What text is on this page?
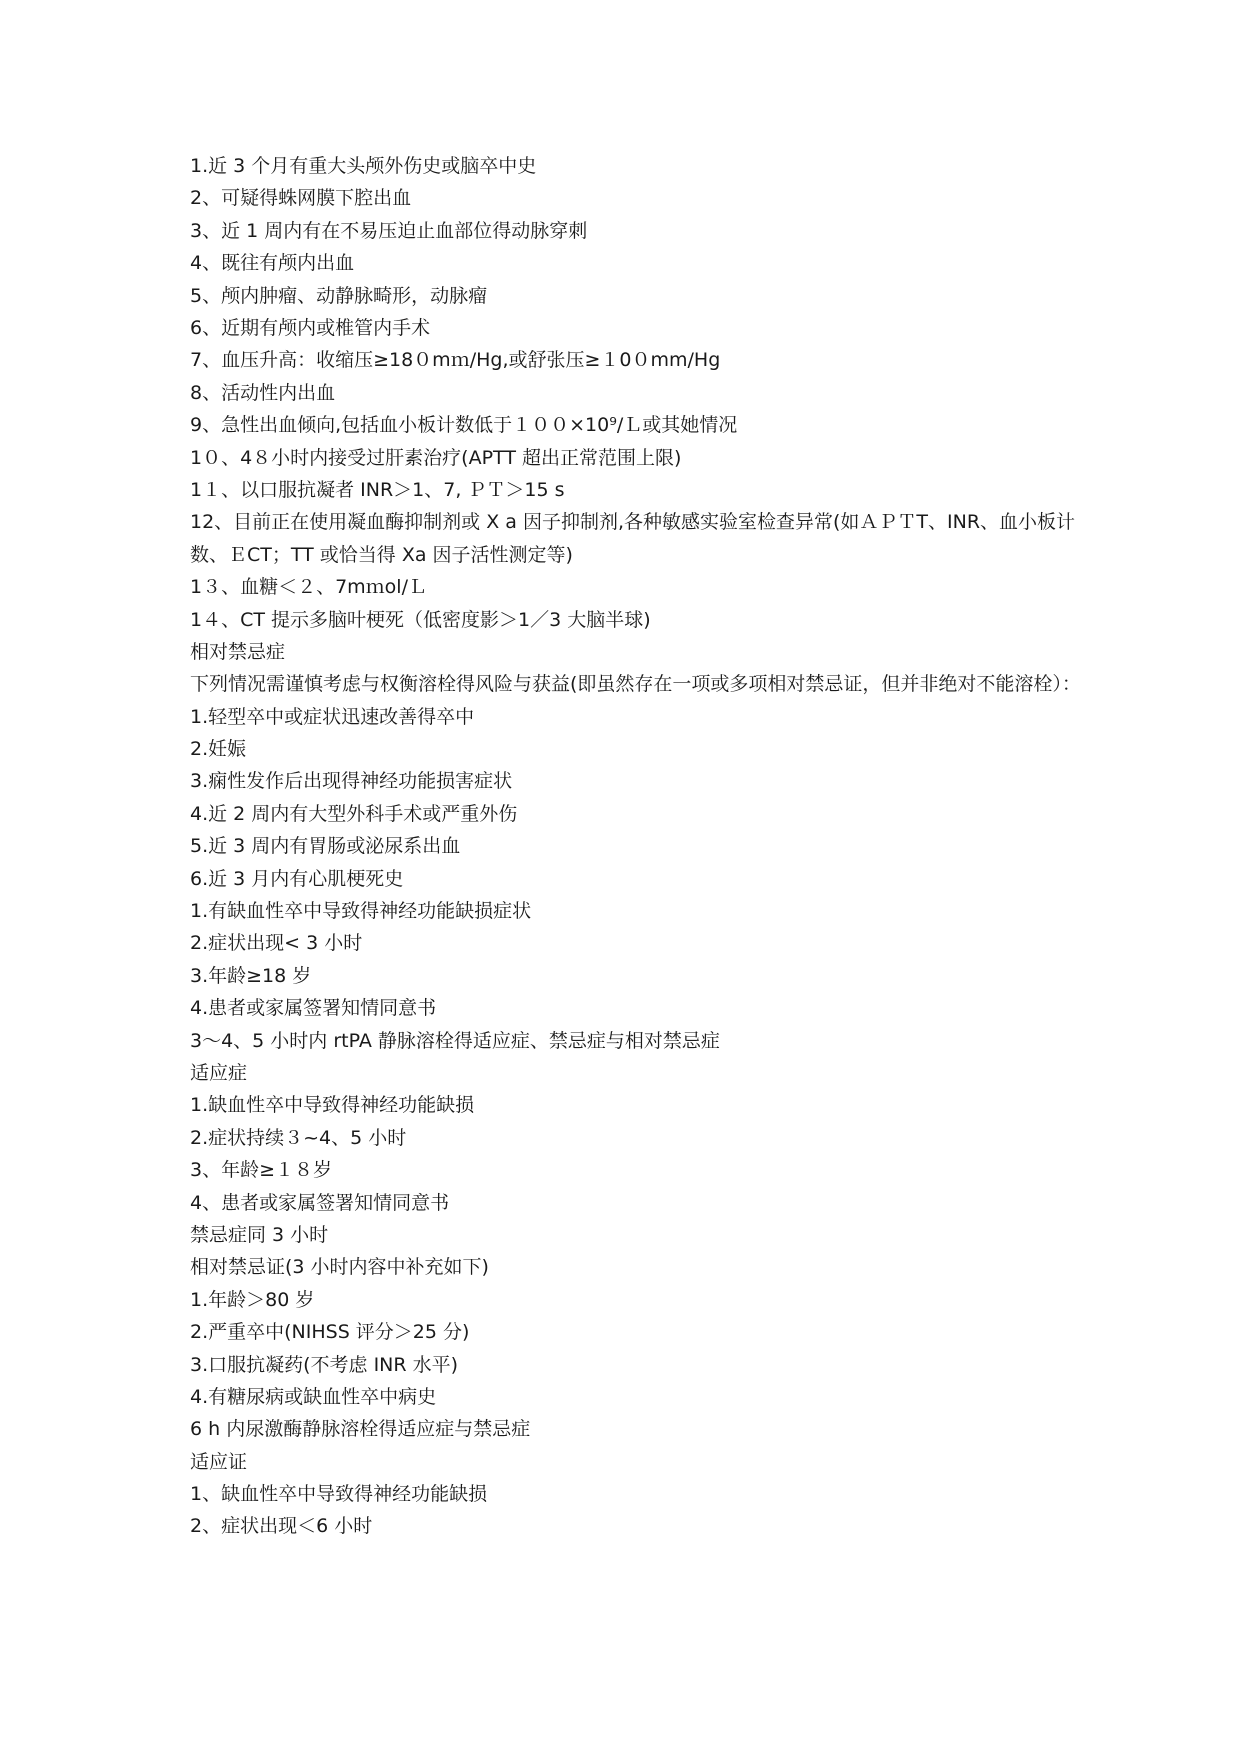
1.近 3 个月有重大头颅外伤史或脑卒中史
2、可疑得蛛网膜下腔出血
3、近 1 周内有在不易压迫止血部位得动脉穿刺
4、既往有颅内出血
5、颅内肿瘤、动静脉畸形，动脉瘤
6、近期有颅内或椎管内手术
7、血压升高：收缩压≥18０mｍ/Hg,或舒张压≥１0０mm/Hg
8、活动性内出血
9、急性出血倾向,包括血小板计数低于１００×10⁹/Ｌ或其她情况
1０、4８小时内接受过肝素治疗(APTT 超出正常范围上限)
1１、以口服抗凝者 INR＞1、7, ＰＴ＞15 s
12、目前正在使用凝血酶抑制剂或 X a 因子抑制剂,各种敏感实验室检查异常(如ＡＰＴT、INR、血小板计数、ＥCT；TT 或恰当得 Xa 因子活性测定等)
1３、血糖＜２、7mｍol/Ｌ
1４、CT 提示多脑叶梗死（低密度影＞1／3 大脑半球)
相对禁忌症
下列情况需谨慎考虑与权衡溶栓得风险与获益(即虽然存在一项或多项相对禁忌证，但并非绝对不能溶栓）：
1.轻型卒中或症状迅速改善得卒中
2.妊娠
3.痫性发作后出现得神经功能损害症状
4.近 2 周内有大型外科手术或严重外伤
5.近 3 周内有胃肠或泌尿系出血
6.近 3 月内有心肌梗死史
1.有缺血性卒中导致得神经功能缺损症状
2.症状出现< 3 小时
3.年龄≥18 岁
4.患者或家属签署知情同意书
3～4、5 小时内 rtPA 静脉溶栓得适应症、禁忌症与相对禁忌症
适应症
1.缺血性卒中导致得神经功能缺损
2.症状持续３~4、5 小时
3、年龄≥１８岁
4、患者或家属签署知情同意书
禁忌症同 3 小时
相对禁忌证(3 小时内容中补充如下)
1.年龄＞80 岁
2.严重卒中(NIHSS 评分＞25 分)
3.口服抗凝药(不考虑 INR 水平)
4.有糖尿病或缺血性卒中病史
6 h 内尿激酶静脉溶栓得适应症与禁忌症
适应证
1、缺血性卒中导致得神经功能缺损
2、症状出现＜6 小时
